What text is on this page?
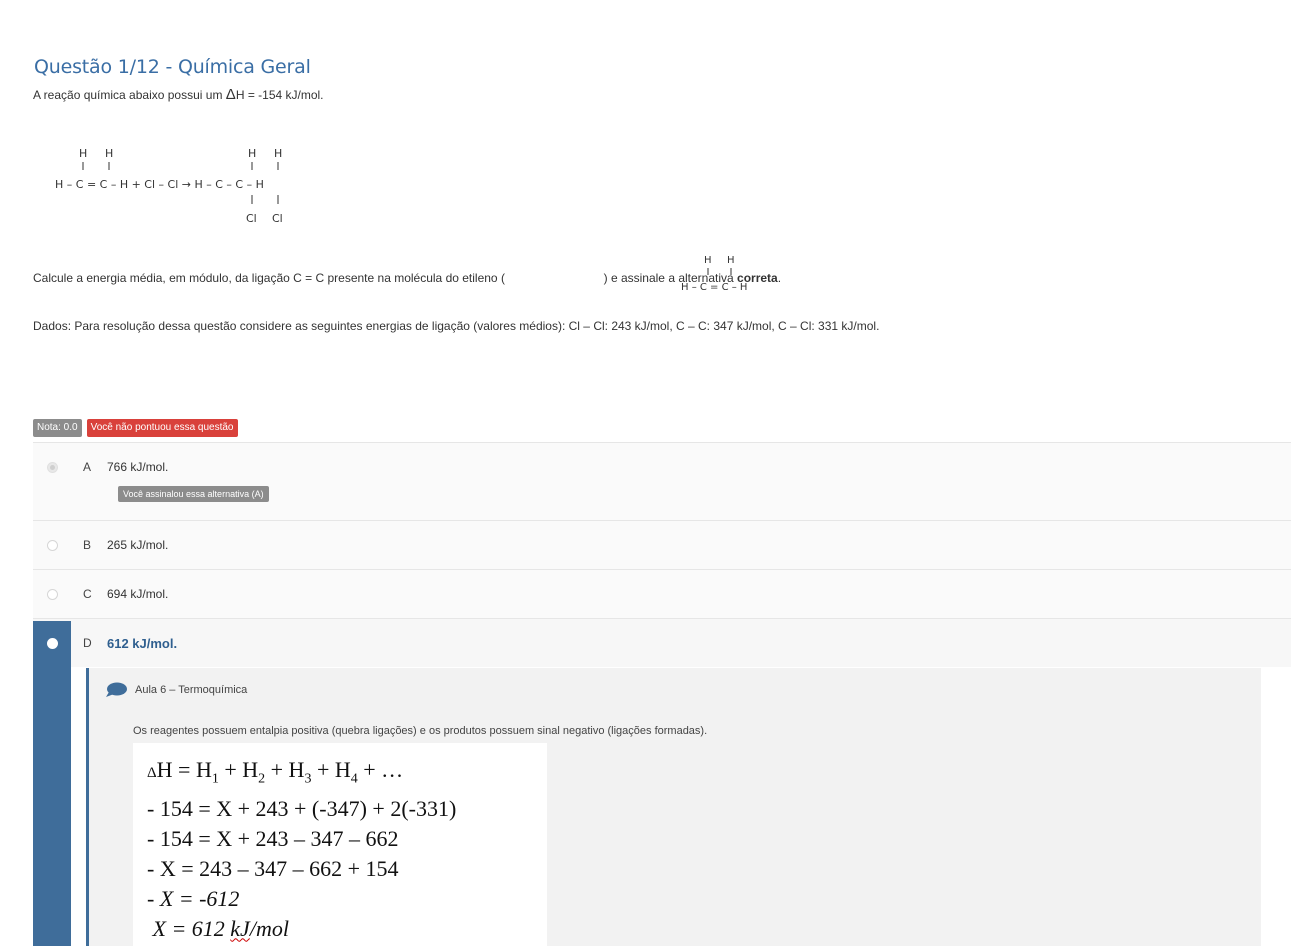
Questão 1/12 - Química Geral
A reação química abaixo possui um ΔH = -154 kJ/mol.
H H
H – C = C – H + Cl – Cl → H – C – C – H
H H
Cl Cl
Calcule a energia média, em módulo, da ligação C = C presente na molécula do etileno (	) e assinale a alternativa correta.
H H
H – C = C – H
Dados: Para resolução dessa questão considere as seguintes energias de ligação (valores médios): Cl – Cl: 243 kJ/mol, C – C: 347 kJ/mol, C – Cl: 331 kJ/mol.
Nota: 0.0	Você não pontuou essa questão
A	766 kJ/mol.
Você assinalou essa alternativa (A)
B	265 kJ/mol.
C	694 kJ/mol.
D	612 kJ/mol.
Aula 6 – Termoquímica
Os reagentes possuem entalpia positiva (quebra ligações) e os produtos possuem sinal negativo (ligações formadas).
$\Delta H = H_1 + H_2 + H_3 + H_4$ + …
- 154 = X + 243 + (-347) + 2(-331)
- 154 = X + 243 – 347 – 662
- X = 243 – 347 – 662 + 154
- X = -612
X = 612 kJ/mol
